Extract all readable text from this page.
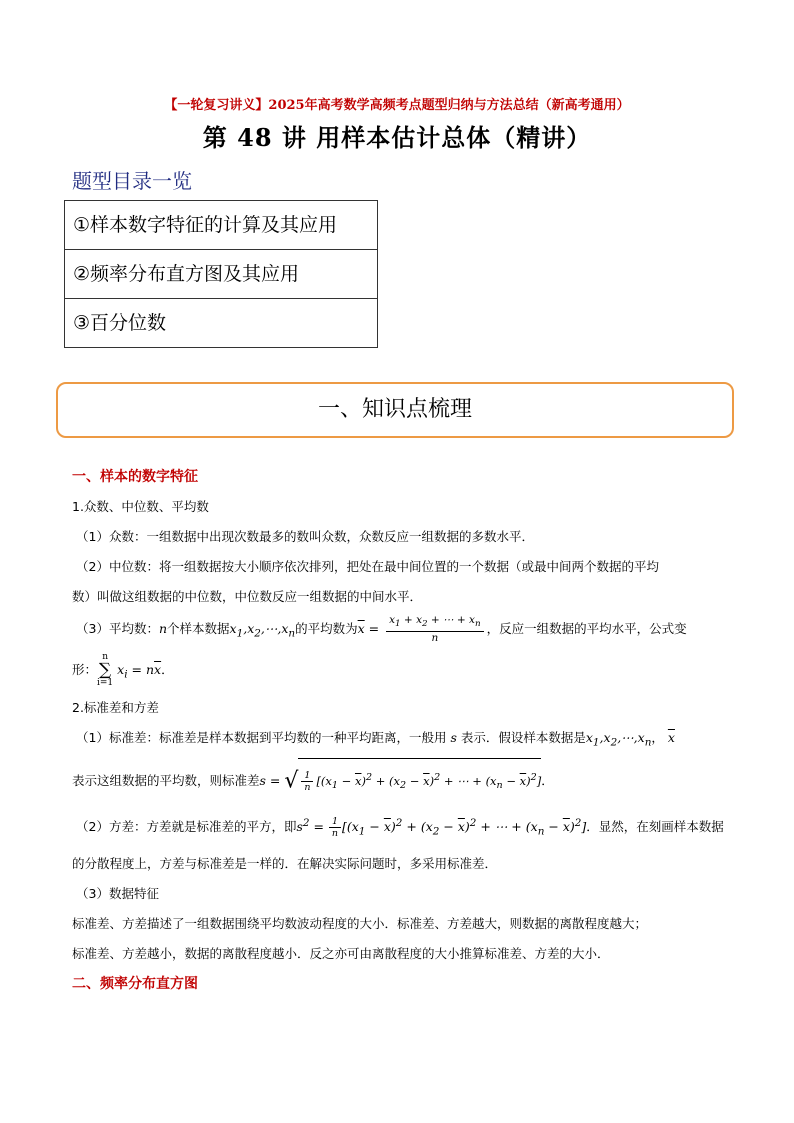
【一轮复习讲义】2025年高考数学高频考点题型归纳与方法总结（新高考通用）
第 48 讲 用样本估计总体（精讲）
题型目录一览
①样本数字特征的计算及其应用
②频率分布直方图及其应用
③百分位数
一、知识点梳理

一、样本的数字特征

1.众数、中位数、平均数

（1）众数：一组数据中出现次数最多的数叫众数，众数反应一组数据的多数水平．

（2）中位数：将一组数据按大小顺序依次排列，把处在最中间位置的一个数据（或最中间两个数据的平均

数）叫做这组数据的中位数，中位数反应一组数据的中间水平．

（3）平均数：n个样本数据$x_1,x_2,\cdots,x_n$的平均数为$\overline{x} = \frac{x_1 + x_2 + \cdots + x_n}{n}$ ，反应一组数据的平均水平，公式变

形：n
∑
i=1 $x_i = n\overline{x}$．

2.标准差和方差

（1）标准差：标准差是样本数据到平均数的一种平均距离，一般用 s 表示．假设样本数据是$x_1,x_2,\cdots,x_n$， $\overline{x}$

表示这组数据的平均数，则标准差s = √ $\frac{1}{n} [(x_1 - \overline{x})^2 + (x_2 - \overline{x})^2$ + ⋯ + $(x_n - \overline{x})^2$]．

（2）方差：方差就是标准差的平方，即$s^2 = \frac{1}{n} [(x_1 - \overline{x})^2 + (x_2 - \overline{x})^2$ + ⋯ + $(x_n - \overline{x})^2$]．显然，在刻画样本数据

的分散程度上，方差与标准差是一样的．在解决实际问题时，多采用标准差．

（3）数据特征

标准差、方差描述了一组数据围绕平均数波动程度的大小．标准差、方差越大，则数据的离散程度越大；

标准差、方差越小，数据的离散程度越小．反之亦可由离散程度的大小推算标准差、方差的大小．

二、频率分布直方图
